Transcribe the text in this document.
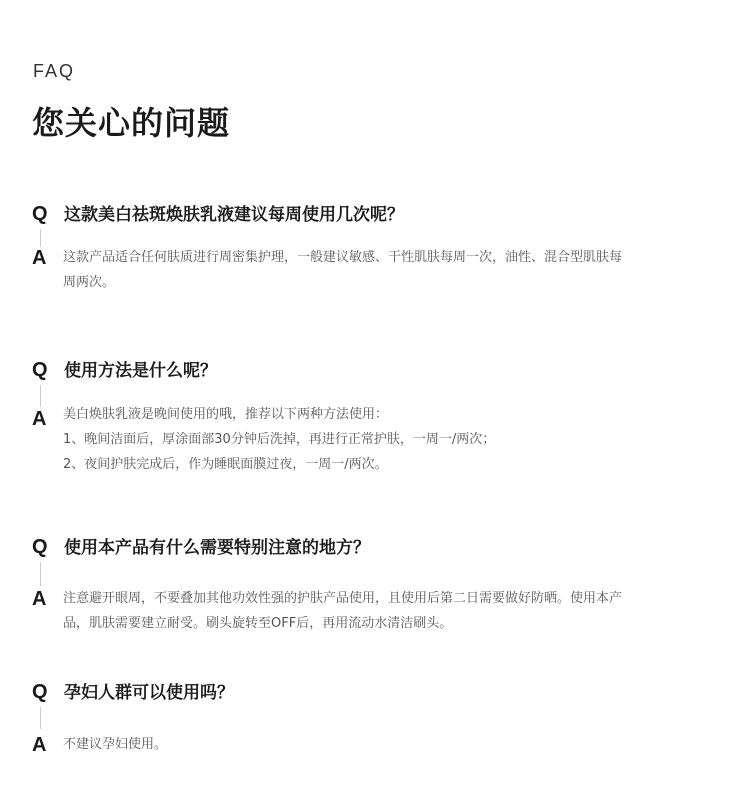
FAQ
您关心的问题
Q 这款美白祛斑焕肤乳液建议每周使用几次呢？
A 这款产品适合任何肤质进行周密集护理，一般建议敏感、干性肌肤每周一次，油性、混合型肌肤每
周两次。
Q 使用方法是什么呢？
A 美白焕肤乳液是晚间使用的哦，推荐以下两种方法使用：
1、晚间洁面后，厚涂面部30分钟后洗掉，再进行正常护肤，一周一/两次；
2、夜间护肤完成后，作为睡眠面膜过夜，一周一/两次。
Q 使用本产品有什么需要特别注意的地方？
A 注意避开眼周，不要叠加其他功效性强的护肤产品使用，且使用后第二日需要做好防晒。使用本产
品，肌肤需要建立耐受。刷头旋转至OFF后，再用流动水清洁刷头。
Q 孕妇人群可以使用吗？
A 不建议孕妇使用。
